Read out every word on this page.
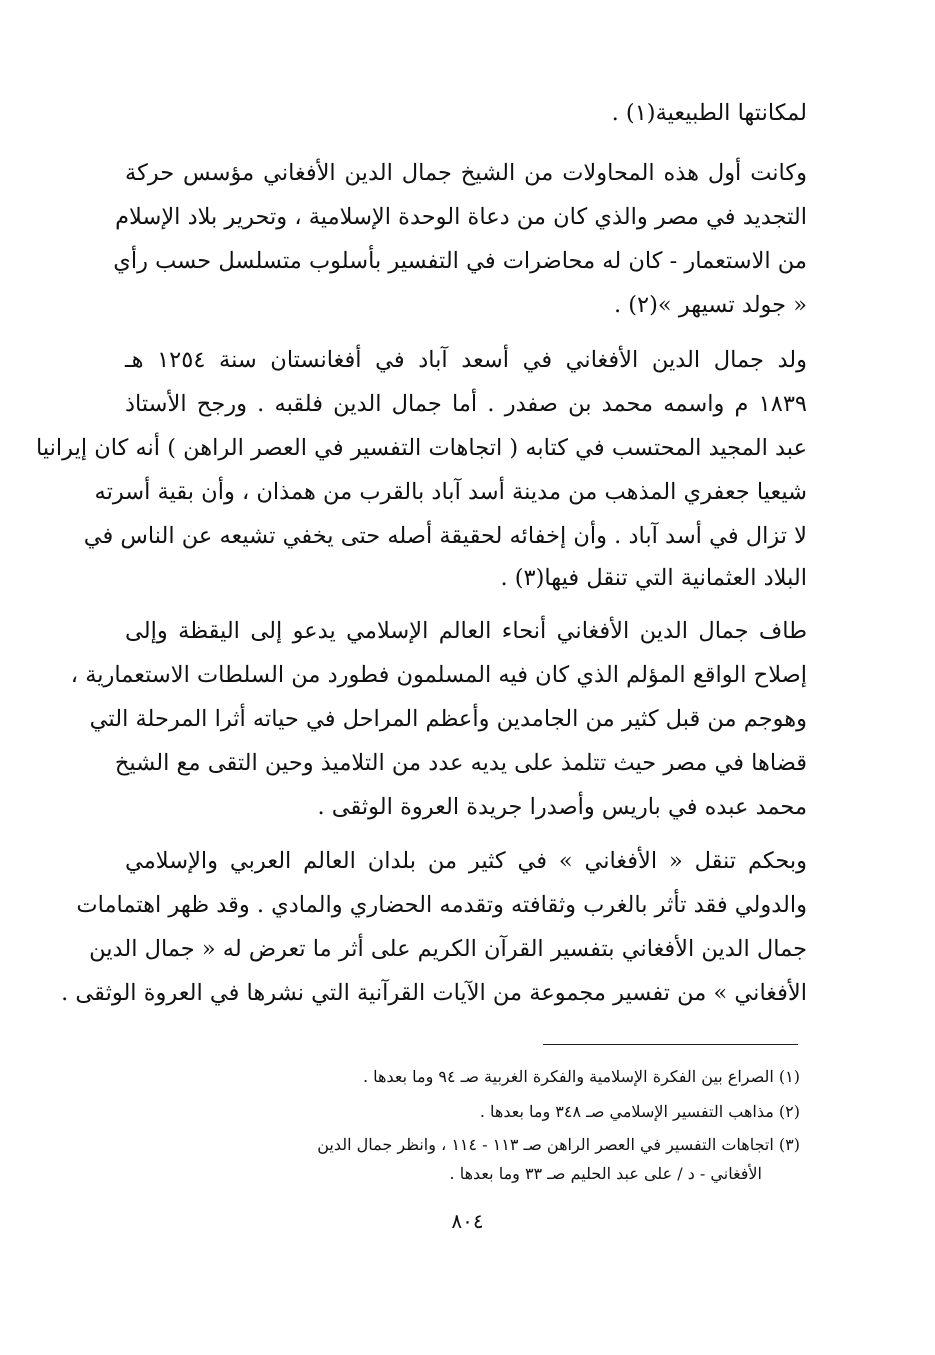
لمكانتها الطبيعية(١) .
وكانت أول هذه المحاولات من الشيخ جمال الدين الأفغاني مؤسس حركة
التجديد في مصر والذي كان من دعاة الوحدة الإسلامية ، وتحرير بلاد الإسلام
من الاستعمار - كان له محاضرات في التفسير بأسلوب متسلسل حسب رأي
« جولد تسيهر »(٢) .
ولد جمال الدين الأفغاني في أسعد آباد في أفغانستان سنة ١٢٥٤ هـ
١٨٣٩ م واسمه محمد بن صفدر . أما جمال الدين فلقبه . ورجح الأستاذ
عبد المجيد المحتسب في كتابه ( اتجاهات التفسير في العصر الراهن ) أنه كان إيرانيا
شيعيا جعفري المذهب من مدينة أسد آباد بالقرب من همذان ، وأن بقية أسرته
لا تزال في أسد آباد . وأن إخفائه لحقيقة أصله حتى يخفي تشيعه عن الناس في
البلاد العثمانية التي تنقل فيها(٣) .
طاف جمال الدين الأفغاني أنحاء العالم الإسلامي يدعو إلى اليقظة وإلى
إصلاح الواقع المؤلم الذي كان فيه المسلمون فطورد من السلطات الاستعمارية ،
وهوجم من قبل كثير من الجامدين وأعظم المراحل في حياته أثرا المرحلة التي
قضاها في مصر حيث تتلمذ على يديه عدد من التلاميذ وحين التقى مع الشيخ
محمد عبده في باريس وأصدرا جريدة العروة الوثقى .
وبحكم تنقل « الأفغاني » في كثير من بلدان العالم العربي والإسلامي
والدولي فقد تأثر بالغرب وثقافته وتقدمه الحضاري والمادي . وقد ظهر اهتمامات
جمال الدين الأفغاني بتفسير القرآن الكريم على أثر ما تعرض له « جمال الدين
الأفغاني » من تفسير مجموعة من الآيات القرآنية التي نشرها في العروة الوثقى .
(١) الصراع بين الفكرة الإسلامية والفكرة الغربية صـ ٩٤ وما بعدها .
(٢) مذاهب التفسير الإسلامي صـ ٣٤٨ وما بعدها .
(٣) اتجاهات التفسير في العصر الراهن صـ ١١٣ - ١١٤ ، وانظر جمال الدين
الأفغاني - د / على عبد الحليم صـ ٣٣ وما بعدها .
٨٠٤
